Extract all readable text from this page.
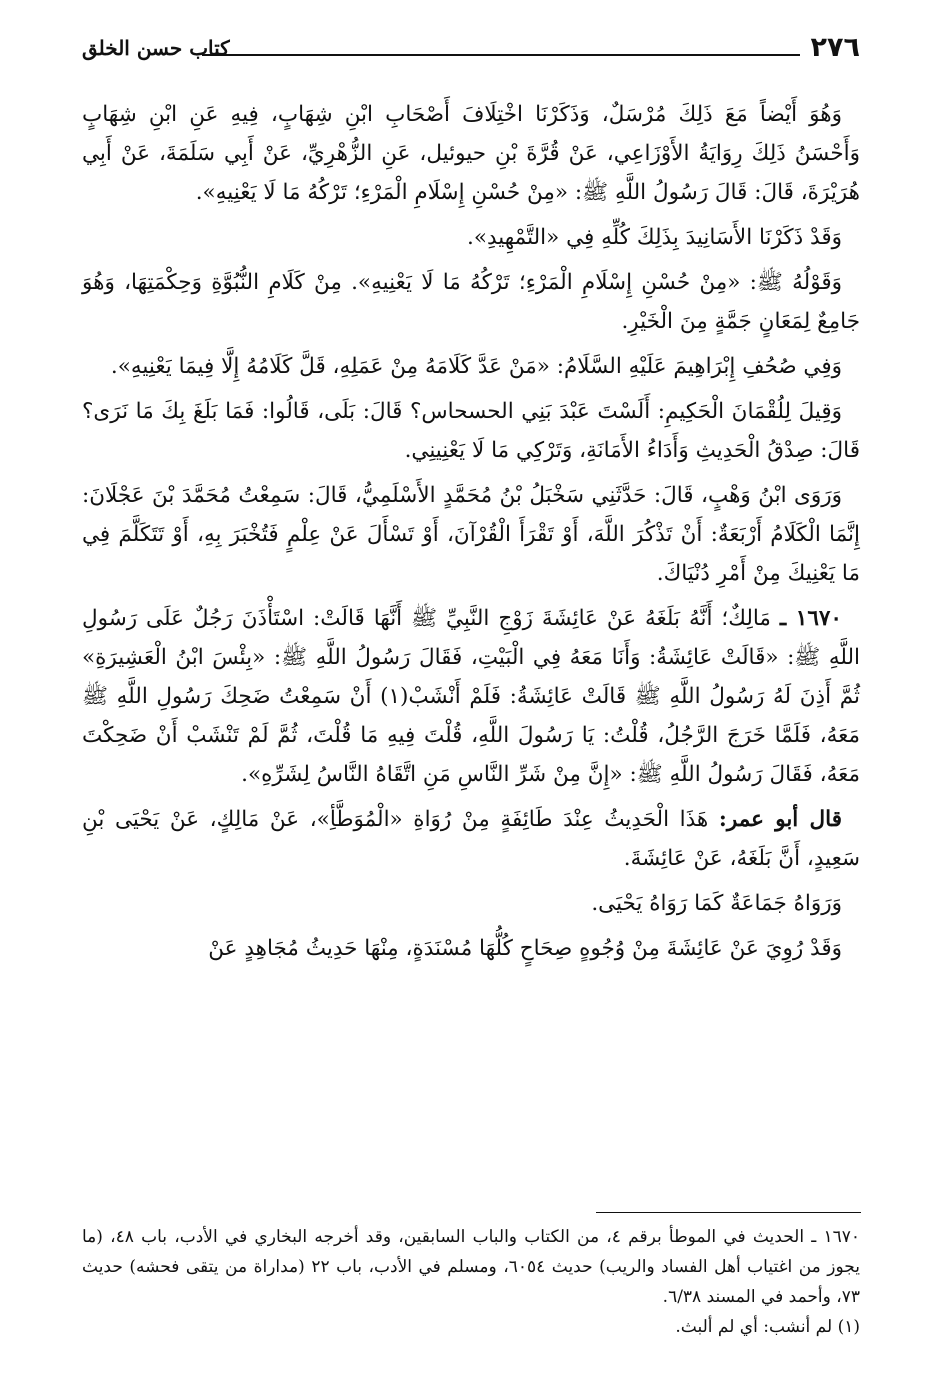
٢٧٦
كتاب حسن الخلق

وَهُوَ أَيْضاً مَعَ ذَلِكَ مُرْسَلٌ، وَذَكَرْنَا اخْتِلَافَ أَصْحَابِ ابْنِ شِهَابٍ، فِيهِ عَنِ ابْنِ شِهَابٍ وَأَحْسَنُ ذَلِكَ رِوَايَةُ الأَوْزَاعِي، عَنْ قُرَّةَ بْنِ حيوئيل، عَنِ الزُّهْرِيِّ، عَنْ أَبِي سَلَمَةَ، عَنْ أَبِي هُرَيْرَةَ، قَالَ: قَالَ رَسُولُ اللَّهِ ﷺ: «مِنْ حُسْنِ إِسْلَامِ الْمَرْءِ؛ تَرْكُهُ مَا لَا يَعْنِيهِ».

وَقَدْ ذَكَرْنَا الأَسَانِيدَ بِذَلِكَ كُلِّهِ فِي «التَّمْهِيدِ».

وَقَوْلُهُ ﷺ: «مِنْ حُسْنِ إِسْلَامِ الْمَرْءِ؛ تَرْكُهُ مَا لَا يَعْنِيهِ». مِنْ كَلَامِ النُّبُوَّةِ وَحِكْمَتِهَا، وَهُوَ جَامِعٌ لِمَعَانٍ جَمَّةٍ مِنَ الْخَيْرِ.

وَفِي صُحُفِ إِبْرَاهِيمَ عَلَيْهِ السَّلَامُ: «مَنْ عَدَّ كَلَامَهُ مِنْ عَمَلِهِ، قَلَّ كَلَامُهُ إِلَّا فِيمَا يَعْنِيهِ».

وَقِيلَ لِلُقْمَانَ الْحَكِيمِ: أَلَسْتَ عَبْدَ بَنِي الحسحاس؟ قَالَ: بَلَى، قَالُوا: فَمَا بَلَغَ بِكَ مَا نَرَى؟ قَالَ: صِدْقُ الْحَدِيثِ وَأَدَاءُ الأَمَانَةِ، وَتَرْكِي مَا لَا يَعْنِينِي.

وَرَوَى ابْنُ وَهْبٍ، قَالَ: حَدَّثَنِي سَخْبَلُ بْنُ مُحَمَّدٍ الأَسْلَمِيُّ، قَالَ: سَمِعْتُ مُحَمَّدَ بْنَ عَجْلَانَ: إِنَّمَا الْكَلَامُ أَرْبَعَةٌ: أَنْ تَذْكُرَ اللَّهَ، أَوْ تَقْرَأَ الْقُرْآنَ، أَوْ تَسْأَلَ عَنْ عِلْمٍ فَتُخْبَرَ بِهِ، أَوْ تَتَكَلَّمَ فِي مَا يَعْنِيكَ مِنْ أَمْرِ دُنْيَاكَ.

١٦٧٠ ـ مَالِكٌ؛ أَنَّهُ بَلَغَهُ عَنْ عَائِشَةَ زَوْجِ النَّبِيِّ ﷺ أَنَّهَا قَالَتْ: اسْتَأْذَنَ رَجُلٌ عَلَى رَسُولِ اللَّهِ ﷺ: «قَالَتْ عَائِشَةُ: وَأَنَا مَعَهُ فِي الْبَيْتِ، فَقَالَ رَسُولُ اللَّهِ ﷺ: «بِئْسَ ابْنُ الْعَشِيرَةِ» ثُمَّ أَذِنَ لَهُ رَسُولُ اللَّهِ ﷺ قَالَتْ عَائِشَةُ: فَلَمْ أَنْشَبْ(١) أَنْ سَمِعْتُ ضَحِكَ رَسُولِ اللَّهِ ﷺ مَعَهُ، فَلَمَّا خَرَجَ الرَّجُلُ، قُلْتُ: يَا رَسُولَ اللَّهِ، قُلْتَ فِيهِ مَا قُلْتَ، ثُمَّ لَمْ تَنْشَبْ أَنْ ضَحِكْتَ مَعَهُ، فَقَالَ رَسُولُ اللَّهِ ﷺ: «إِنَّ مِنْ شَرِّ النَّاسِ مَنِ اتَّقَاهُ النَّاسُ لِشَرِّهِ».

قال أبو عمر: هَذَا الْحَدِيثُ عِنْدَ طَائِفَةٍ مِنْ رُوَاةِ «الْمُوَطَّأِ»، عَنْ مَالِكٍ، عَنْ يَحْيَى بْنِ سَعِيدٍ، أَنَّ بَلَغَهُ، عَنْ عَائِشَةَ.

وَرَوَاهُ جَمَاعَةٌ كَمَا رَوَاهُ يَحْيَى.

وَقَدْ رُوِيَ عَنْ عَائِشَةَ مِنْ وُجُوهٍ صِحَاحٍ كُلُّهَا مُسْنَدَةٍ، مِنْهَا حَدِيثُ مُجَاهِدٍ عَنْ

١٦٧٠ ـ الحديث في الموطأ برقم ٤، من الكتاب والباب السابقين، وقد أخرجه البخاري في الأدب، باب ٤٨، (ما يجوز من اغتياب أهل الفساد والريب) حديث ٦٠٥٤، ومسلم في الأدب، باب ٢٢ (مداراة من يتقى فحشه) حديث ٧٣، وأحمد في المسند ٦/٣٨.

(١) لم أنشب: أي لم ألبث.
